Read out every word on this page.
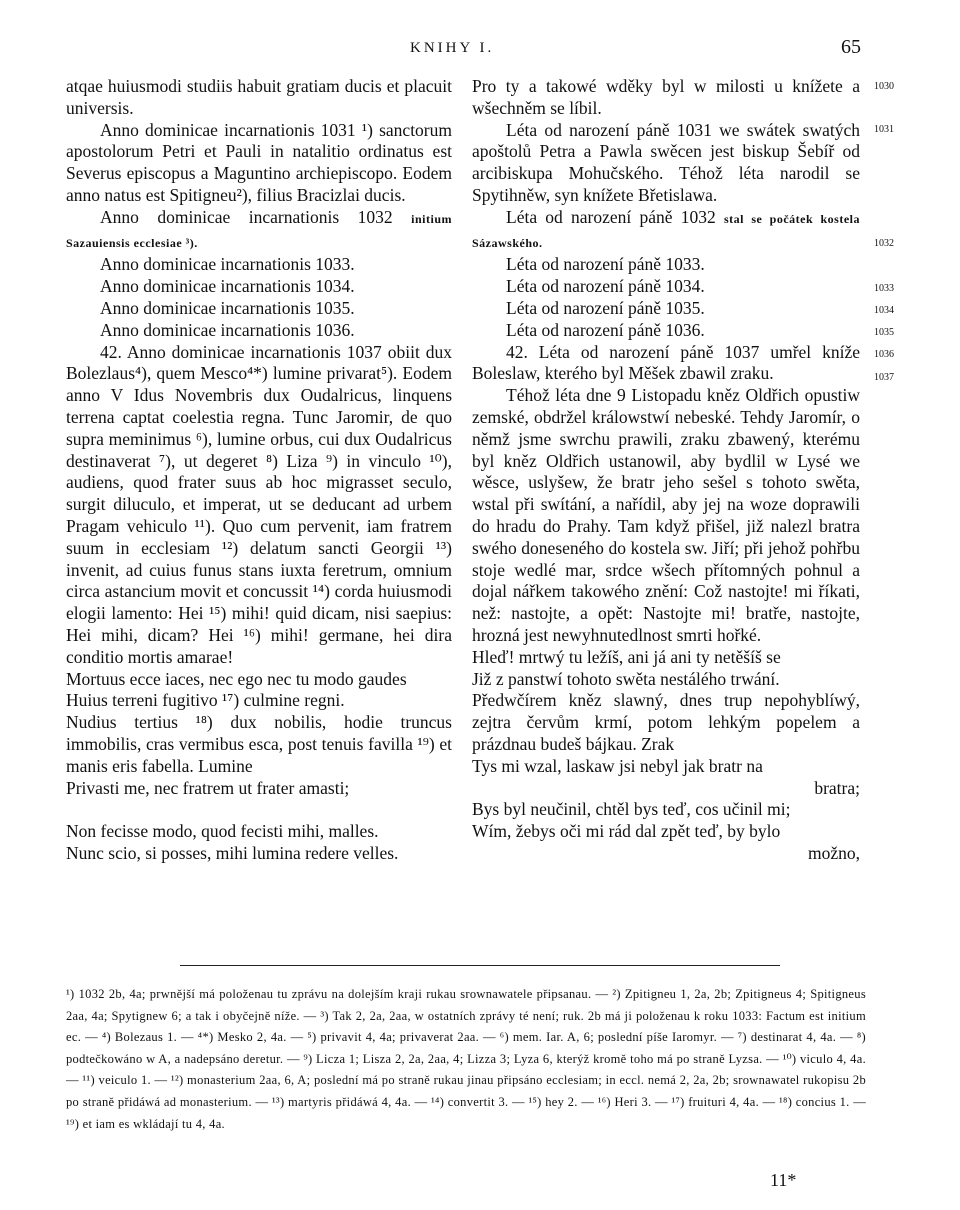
KNIHY I.	65
atqae huiusmodi studiis habuit gratiam ducis et placuit universis.
Anno dominicae incarnationis 1031 ¹) sanctorum apostolorum Petri et Pauli in natalitio ordinatus est Severus episcopus a Maguntino archiepiscopo. Eodem anno natus est Spitigneu²), filius Bracizlai ducis.
Anno dominicae incarnationis 1032 initium Sazauiensis ecclesiae ³).
Anno dominicae incarnationis 1033.
Anno dominicae incarnationis 1034.
Anno dominicae incarnationis 1035.
Anno dominicae incarnationis 1036.
42. Anno dominicae incarnationis 1037 obiit dux Bolezlaus⁴), quem Mesco⁴*) lumine privarat⁵). Eodem anno V Idus Novembris dux Oudalricus, linquens terrena captat coelestia regna. Tunc Jaromir, de quo supra meminimus ⁶), lumine orbus, cui dux Oudalricus destinaverat ⁷), ut degeret ⁸) Liza ⁹) in vinculo ¹⁰), audiens, quod frater suus ab hoc migrasset seculo, surgit diluculo, et imperat, ut se deducant ad urbem Pragam vehiculo ¹¹). Quo cum pervenit, iam fratrem suum in ecclesiam ¹²) delatum sancti Georgii ¹³) invenit, ad cuius funus stans iuxta feretrum, omnium circa astancium movit et concussit ¹⁴) corda huiusmodi elogii lamento: Hei ¹⁵) mihi! quid dicam, nisi saepius: Hei mihi, dicam? Hei ¹⁶) mihi! germane, hei dira conditio mortis amarae!
Mortuus ecce iaces, nec ego nec tu modo gaudes
Huius terreni fugitivo ¹⁷) culmine regni.
Nudius tertius ¹⁸) dux nobilis, hodie truncus immobilis, cras vermibus esca, post tenuis favilla ¹⁹) et manis eris fabella. Lumine
Privasti me, nec fratrem ut frater amasti;
Non fecisse modo, quod fecisti mihi, malles.
Nunc scio, si posses, mihi lumina redere velles.
Pro ty a takowé wděky byl w milosti u knížete a wšechněm se líbil.
Léta od narození páně 1031 we swátek swatých apoštolů Petra a Pawla swěcen jest biskup Šebíř od arcibiskupa Mohučského. Téhož léta narodil se Spytihněw, syn knížete Břetislawa.
Léta od narození páně 1032 stal se počátek kostela Sázawského.
Léta od narození páně 1033.
Léta od narození páně 1034.
Léta od narození páně 1035.
Léta od narození páně 1036.
42. Léta od narození páně 1037 umřel kníže Boleslaw, kterého byl Měšek zbawil zraku.
Téhož léta dne 9 Listopadu kněz Oldřich opustiw zemské, obdržel králowstwí nebeské. Tehdy Jaromír, o němž jsme swrchu prawili, zraku zbawený, kterému byl kněz Oldřich ustanowil, aby bydlil w Lysé we wěsce, uslyšew, že bratr jeho sešel s tohoto swěta, wstal při swítání, a nařídil, aby jej na woze doprawili do hradu do Prahy. Tam když přišel, již nalezl bratra swého doneseného do kostela sw. Jiří; při jehož pohřbu stoje wedlé mar, srdce wšech přítomných pohnul a dojal nářkem takowého znění: Což nastojte! mi říkati, než: nastojte, a opět: Nastojte mi! bratře, nastojte, hrozná jest newyhnutedlnost smrti hořké.
Hleď! mrtwý tu ležíš, ani já ani ty netěšíš se
Již z panstwí tohoto swěta nestálého trwání.
Předwčírem kněz slawný, dnes trup nepohyblíwý, zejtra červům krmí, potom lehkým popelem a prázdnau budeš bájkau. Zrak
Tys mi wzal, laskaw jsi nebyl jak bratr na
bratra;
Bys byl neučinil, chtěl bys teď, cos učinil mi;
Wím, žebys oči mi rád dal zpět teď, by bylo
možno,
1030
1031
1032
1033
1034
1035
1036
1037
¹) 1032 2b, 4a; prwnější má položenau tu zprávu na dolejším kraji rukau srownawatele připsanau. — ²) Zpitigneu 1, 2a, 2b; Zpitigneus 4; Spitigneus 2aa, 4a; Spytignew 6; a tak i obyčejně níže. — ³) Tak 2, 2a, 2aa, w ostatních zprávy té není; ruk. 2b má ji položenau k roku 1033: Factum est initium ec. — ⁴) Bolezaus 1. — ⁴*) Mesko 2, 4a. — ⁵) privavit 4, 4a; privaverat 2aa. — ⁶) mem. Iar. A, 6; poslední píše Iaromyr. — ⁷) destinarat 4, 4a. — ⁸) podtečkowáno w A, a nadepsáno deretur. — ⁹) Licza 1; Lisza 2, 2a, 2aa, 4; Lizza 3; Lyza 6, kterýž kromě toho má po straně Lyzsa. — ¹⁰) viculo 4, 4a. — ¹¹) veiculo 1. — ¹²) monasterium 2aa, 6, A; poslední má po straně rukau jinau připsáno ecclesiam; in eccl. nemá 2, 2a, 2b; srownawatel rukopisu 2b po straně přidáwá ad monasterium. — ¹³) martyris přidáwá 4, 4a. — ¹⁴) convertit 3. — ¹⁵) hey 2. — ¹⁶) Heri 3. — ¹⁷) fruituri 4, 4a. — ¹⁸) concius 1. — ¹⁹) et iam es wkládají tu 4, 4a.
11*
